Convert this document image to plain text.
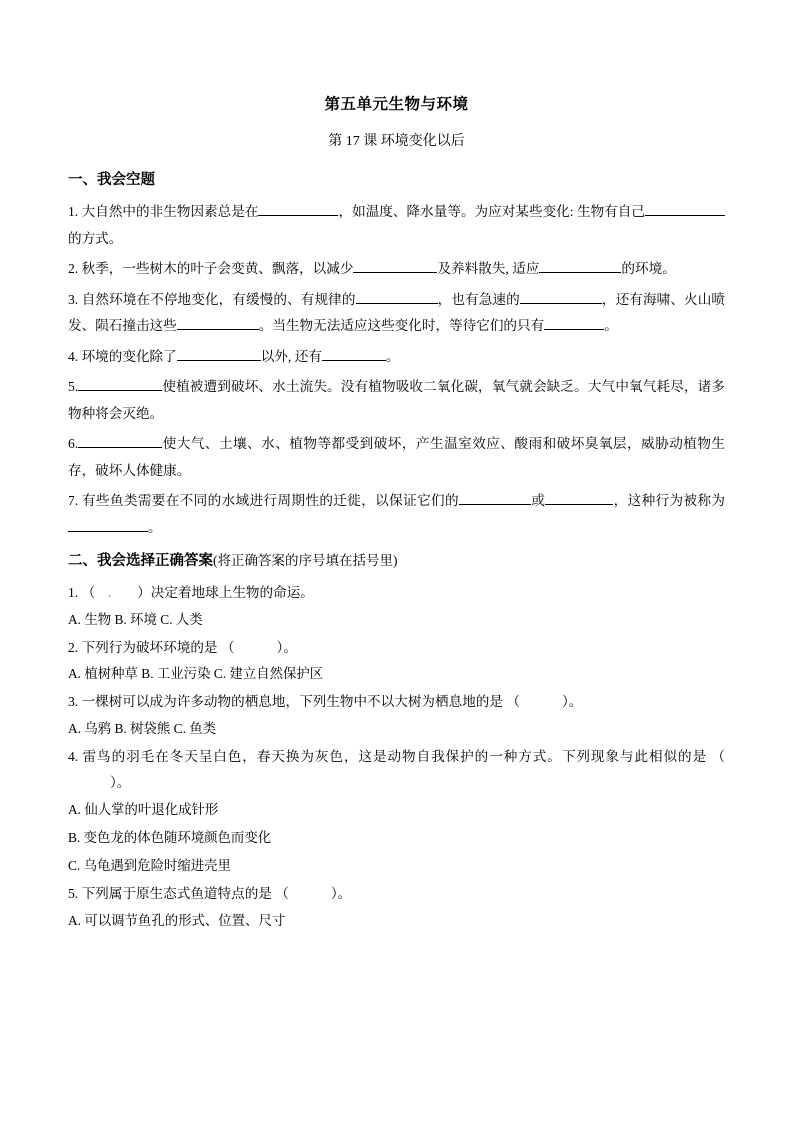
第五单元生物与环境
第 17 课 环境变化以后
一、我会空题
1. 大自然中的非生物因素总是在	，如温度、降水量等。为应对某些变化: 生物有自己的方式。
2. 秋季，一些树木的叶子会变黄、飘落，以减少	及养料散失, 适应	的环境。
3. 自然环境在不停地变化，有缓慢的、有规律的	，也有急速的	，还有海啸、火山喷发、陨石撞击这些	。当生物无法适应这些变化时，等待它们的只有	。
4. 环境的变化除了	以外, 还有	。
5.	使植被遭到破坏、水土流失。没有植物吸收二氧化碳，氧气就会缺乏。大气中氧气耗尽，诸多物种将会灭绝。
6.	使大气、土壤、水、植物等都受到破坏，产生温室效应、酸雨和破坏臭氧层，威胁动植物生存，破坏人体健康。
7. 有些鱼类需要在不同的水域进行周期性的迁徙，以保证它们的	或	，这种行为被称为。
二、我会选择正确答案(将正确答案的序号填在括号里)
1. （ .    ）决定着地球上生物的命运。
A. 生物 B. 环境 C. 人类
2. 下列行为破坏环境的是 （	）。
A. 植树种草 B. 工业污染 C. 建立自然保护区
3. 一棵树可以成为许多动物的栖息地，下列生物中不以大树为栖息地的是 （	）。
A. 乌鸦 B. 树袋熊 C. 鱼类
4. 雷鸟的羽毛在冬天呈白色，春天换为灰色，这是动物自我保护的一种方式。下列现象与此相似的是 （     ）。
A. 仙人掌的叶退化成针形
B. 变色龙的体色随环境颜色而变化
C. 乌龟遇到危险时缩进壳里
5. 下列属于原生态式鱼道特点的是 （	）。
A. 可以调节鱼孔的形式、位置、尺寸
